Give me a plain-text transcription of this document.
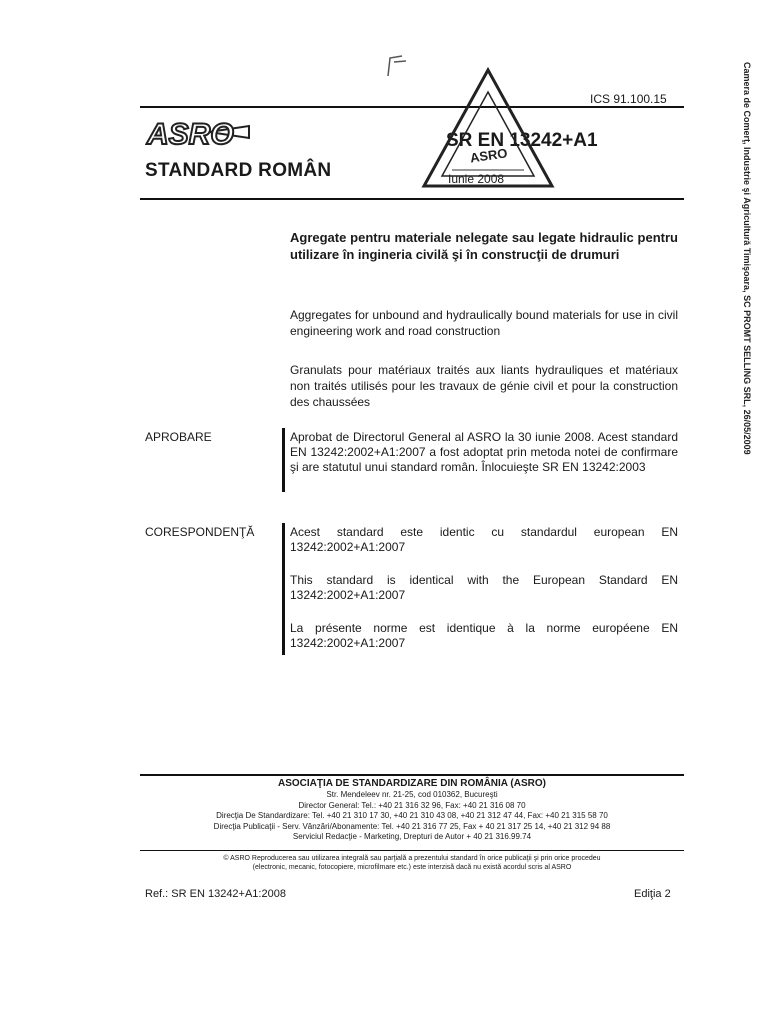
ICS 91.100.15
ASRO
STANDARD ROMÂN
SR EN 13242+A1
Iunie 2008
ASRO	Camera de Comerţ, Industrie şi Agricultură Timişoara, SC PROMT SELLING SRL, 26/05/2009
Agregate pentru materiale nelegate sau legate hidraulic pentru utilizare în ingineria civilă şi în construcţii de drumuri
Aggregates for unbound and hydraulically bound materials for use in civil engineering work and road construction
Granulats pour matériaux traités aux liants hydrauliques et matériaux non traités utilisés pour les travaux de génie civil et pour la construction des chaussées
APROBARE	Aprobat de Directorul General al ASRO la 30 iunie 2008. Acest standard EN 13242:2002+A1:2007 a fost adoptat prin metoda notei de confirmare şi are statutul unui standard român. Înlocuieşte SR EN 13242:2003

CORESPONDENŢĂ	Acest standard este identic cu standardul european EN 13242:2002+A1:2007

This standard is identical with the European Standard EN 13242:2002+A1:2007

La présente norme est identique à la norme européene EN 13242:2002+A1:2007

ASOCIAŢIA DE STANDARDIZARE DIN ROMÂNIA (ASRO)
Str. Mendeleev nr. 21-25, cod 010362, Bucureşti
Director General: Tel.: +40 21 316 32 96, Fax: +40 21 316 08 70
Direcţia De Standardizare: Tel. +40 21 310 17 30, +40 21 310 43 08, +40 21 312 47 44, Fax: +40 21 315 58 70
Direcţia Publicaţii - Serv. Vânzări/Abonamente: Tel. +40 21 316 77 25, Fax + 40 21 317 25 14, +40 21 312 94 88
Serviciul Redacţie - Marketing, Drepturi de Autor + 40 21 316.99.74
© ASRO Reproducerea sau utilizarea integrală sau parţială a prezentului standard în orice publicaţii şi prin orice procedeu
(electronic, mecanic, fotocopiere, microfilmare etc.) este interzisă dacă nu există acordul scris al ASRO
Ref.: SR EN 13242+A1:2008	Ediţia 2
